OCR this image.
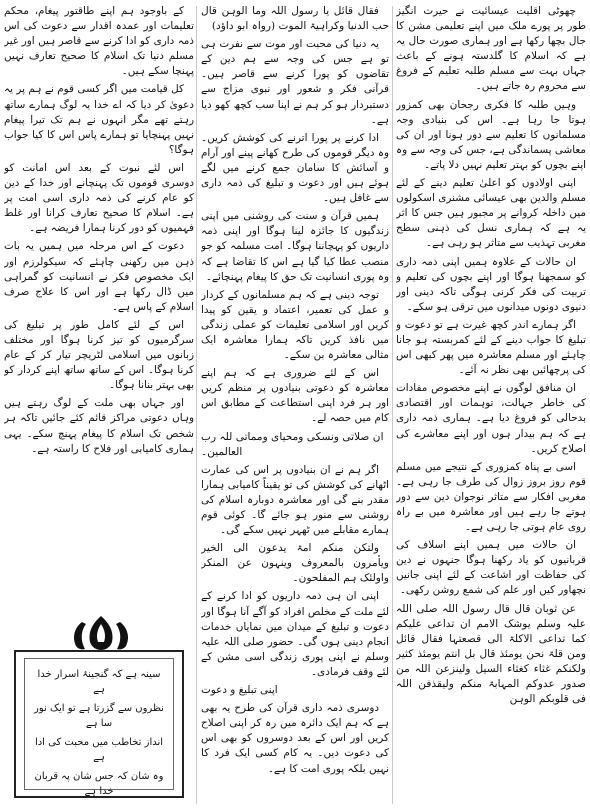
چھوٹی اقلیت عیسائیت نے حیرت انگیز طور پر پورے ملک میں اپنے تعلیمی مشن کا جال بچھا رکھا ہے اور ہماری صورت حال یہ ہے کہ اسلام کا گلدستہ ہونے کے باعث جہاں بہت سے مسلم طلبہ تعلیم کے فروغ سے محروم رہ جاتے ہیں۔

وہیں طلبہ کا فکری رجحان بھی کمزور ہوتا جا رہا ہے۔ اس کی بنیادی وجہ مسلمانوں کا تعلیم سے دور ہونا اور ان کی معاشی پسماندگی ہے، جس کی وجہ سے وہ اپنے بچوں کو بہتر تعلیم نہیں دلا پاتے۔

اپنی اولادوں کو اعلیٰ تعلیم دینے کے لئے مسلم والدین بھی عیسائی مشنری اسکولوں میں داخلہ کروانے پر مجبور ہیں جس کا اثر یہ ہے کہ ہماری نسل کی ذہنی سطح مغربی تہذیب سے متاثر ہو رہی ہے۔

ان حالات کے علاوہ ہمیں اپنی ذمہ داری کو سمجھنا ہوگا اور اپنے بچوں کی تعلیم و تربیت کی فکر کرنی ہوگی تاکہ دینی اور دنیوی دونوں میدانوں میں ترقی ہو سکے۔

اگر ہمارے اندر کچھ غیرت ہے تو دعوت و تبلیغ کا جواب دینے کے لئے کمربستہ ہو جانا چاہئے اور مسلم معاشرہ میں پھر کبھی اس کی پرچھائیں بھی نظر نہ آئے۔

ان منافق لوگوں نے اپنے مخصوص مفادات کی خاطر جہالت، توہمات اور اقتصادی بدحالی کو فروغ دیا ہے۔ ہماری ذمہ داری ہے کہ ہم بیدار ہوں اور اپنے معاشرے کی اصلاح کریں۔

اسی بے پناہ کمزوری کے نتیجے میں مسلم قوم روز بروز زوال کی طرف جا رہی ہے۔ مغربی افکار سے متاثر نوجوان دین سے دور ہوتے جا رہے ہیں اور معاشرہ میں بے راہ روی عام ہوتی جا رہی ہے۔

ان حالات میں ہمیں اپنے اسلاف کی قربانیوں کو یاد رکھنا ہوگا جنہوں نے دین کی حفاظت اور اشاعت کے لئے اپنی جانیں نچھاور کیں اور علم کی شمع روشن رکھی۔

عن ثوبان قال قال رسول اللہ صلی اللہ علیہ وسلم یوشک الامم ان تداعی علیکم کما تداعی الاکلۃ الی قصعتہا فقال قائل ومن قلۃ نحن یومئذ قال بل انتم یومئذ کثیر ولکنکم غثاء کغثاء السیل ولینزعن اللہ من صدور عدوکم المہابۃ منکم ولیقذفن اللہ فی قلوبکم الوہن

فقال قائل یا رسول اللہ وما الوہن قال حب الدنیا وکراہیۃ الموت (رواہ ابو داؤد)

یہ دنیا کی محبت اور موت سے نفرت ہی تو ہے جس کی وجہ سے ہم دین کے تقاضوں کو پورا کرنے سے قاصر ہیں۔ قرآنی فکر و شعور اور نبوی مزاج سے دستبردار ہو کر ہم نے اپنا سب کچھ کھو دیا ہے۔

ادا کرنے پر پورا اترنے کی کوشش کریں۔ وہ دیگر قوموں کی طرح کھانے پینے اور آرام و آسائش کا سامان جمع کرنے میں لگے ہوئے ہیں اور دعوت و تبلیغ کی ذمہ داری سے غافل ہیں۔

ہمیں قرآن و سنت کی روشنی میں اپنی زندگیوں کا جائزہ لینا ہوگا اور اپنی ذمہ داریوں کو پہچاننا ہوگا۔ امت مسلمہ کو جو منصب عطا کیا گیا ہے اس کا تقاضا ہے کہ وہ پوری انسانیت تک حق کا پیغام پہنچائے۔

توجہ دینی ہے کہ ہم مسلمانوں کے کردار و عمل کی تعمیر، اعتماد و یقین کو پیدا کریں اور اسلامی تعلیمات کو عملی زندگی میں نافذ کریں تاکہ ہمارا معاشرہ ایک مثالی معاشرہ بن سکے۔

اس کے لئے ضروری ہے کہ ہم اپنے معاشرہ کو دعوتی بنیادوں پر منظم کریں اور ہر فرد اپنی استطاعت کے مطابق اس کام میں حصہ لے۔

ان صلاتی ونسکی ومحیای ومماتی للہ رب العالمین۔

اگر ہم نے ان بنیادوں پر اس کی عمارت اٹھانے کی کوشش کی تو یقیناً کامیابی ہمارا مقدر بنے گی اور معاشرہ دوبارہ اسلام کی روشنی سے منور ہو جائے گا۔ کوئی قوم ہمارے مقابلے میں ٹھہر نہیں سکے گی۔

ولتکن منکم امۃ یدعون الی الخیر ویأمرون بالمعروف وینہون عن المنکر واولئک ہم المفلحون۔

اپنی ان ہی ذمہ داریوں کو ادا کرنے کے لئے ملت کے مخلص افراد کو آگے آنا ہوگا اور دعوت و تبلیغ کے میدان میں نمایاں خدمات انجام دینی ہوں گی۔ حضور صلی اللہ علیہ وسلم نے اپنی پوری زندگی اسی مشن کے لئے وقف فرمادی۔

اپنی تبلیغ و دعوت

دوسری ذمہ داری قرآن کی طرح یہ بھی ہے کہ ہم ایک دائرہ میں رہ کر اپنی اصلاح کریں اور اس کے بعد دوسروں کو بھی اس کی دعوت دیں۔ یہ کام کسی ایک فرد کا نہیں بلکہ پوری امت کا ہے۔

کے باوجود ہم اپنے طاقتور پیغام، محکم تعلیمات اور عمدہ اقدار سے دعوت کی اس ذمہ داری کو ادا کرنے سے قاصر ہیں اور غیر مسلم دنیا تک اسلام کا صحیح تعارف نہیں پہنچا سکے ہیں۔

کل قیامت میں اگر کسی قوم نے ہم پر یہ دعویٰ کر دیا کہ اے خدا یہ لوگ ہمارے ساتھ رہتے تھے مگر انہوں نے ہم تک تیرا پیغام نہیں پہنچایا تو ہمارے پاس اس کا کیا جواب ہوگا؟

اس لئے نبوت کے بعد اس امانت کو دوسری قوموں تک پہنچانے اور خدا کے دین کو عام کرنے کی ذمہ داری اسی امت پر ہے۔ اسلام کا صحیح تعارف کرانا اور غلط فہمیوں کو دور کرنا ہمارا فریضہ ہے۔

دعوت کے اس مرحلہ میں ہمیں یہ بات ذہن میں رکھنی چاہئے کہ سیکولرزم اور ایک مخصوص فکر نے انسانیت کو گمراہی میں ڈال رکھا ہے اور اس کا علاج صرف اسلام کے پاس ہے۔

اس کے لئے کامل طور پر تبلیغ کی سرگرمیوں کو تیز کرنا ہوگا اور مختلف زبانوں میں اسلامی لٹریچر تیار کر کے عام کرنا ہوگا۔ اس کے ساتھ ساتھ اپنے کردار کو بھی بہتر بنانا ہوگا۔

اور جہاں بھی ملت کے لوگ رہتے ہیں وہاں دعوتی مراکز قائم کئے جائیں تاکہ ہر شخص تک اسلام کا پیغام پہنچ سکے۔ یہی ہماری کامیابی اور فلاح کا راستہ ہے۔

سینہ ہے کہ گنجینۂ اسرار خدا ہے

نظروں سے گزرتا ہے تو ایک نور سا ہے

انداز تخاطب میں محبت کی ادا ہے

وہ شان کہ جس شان پہ قربان خدا ہے
